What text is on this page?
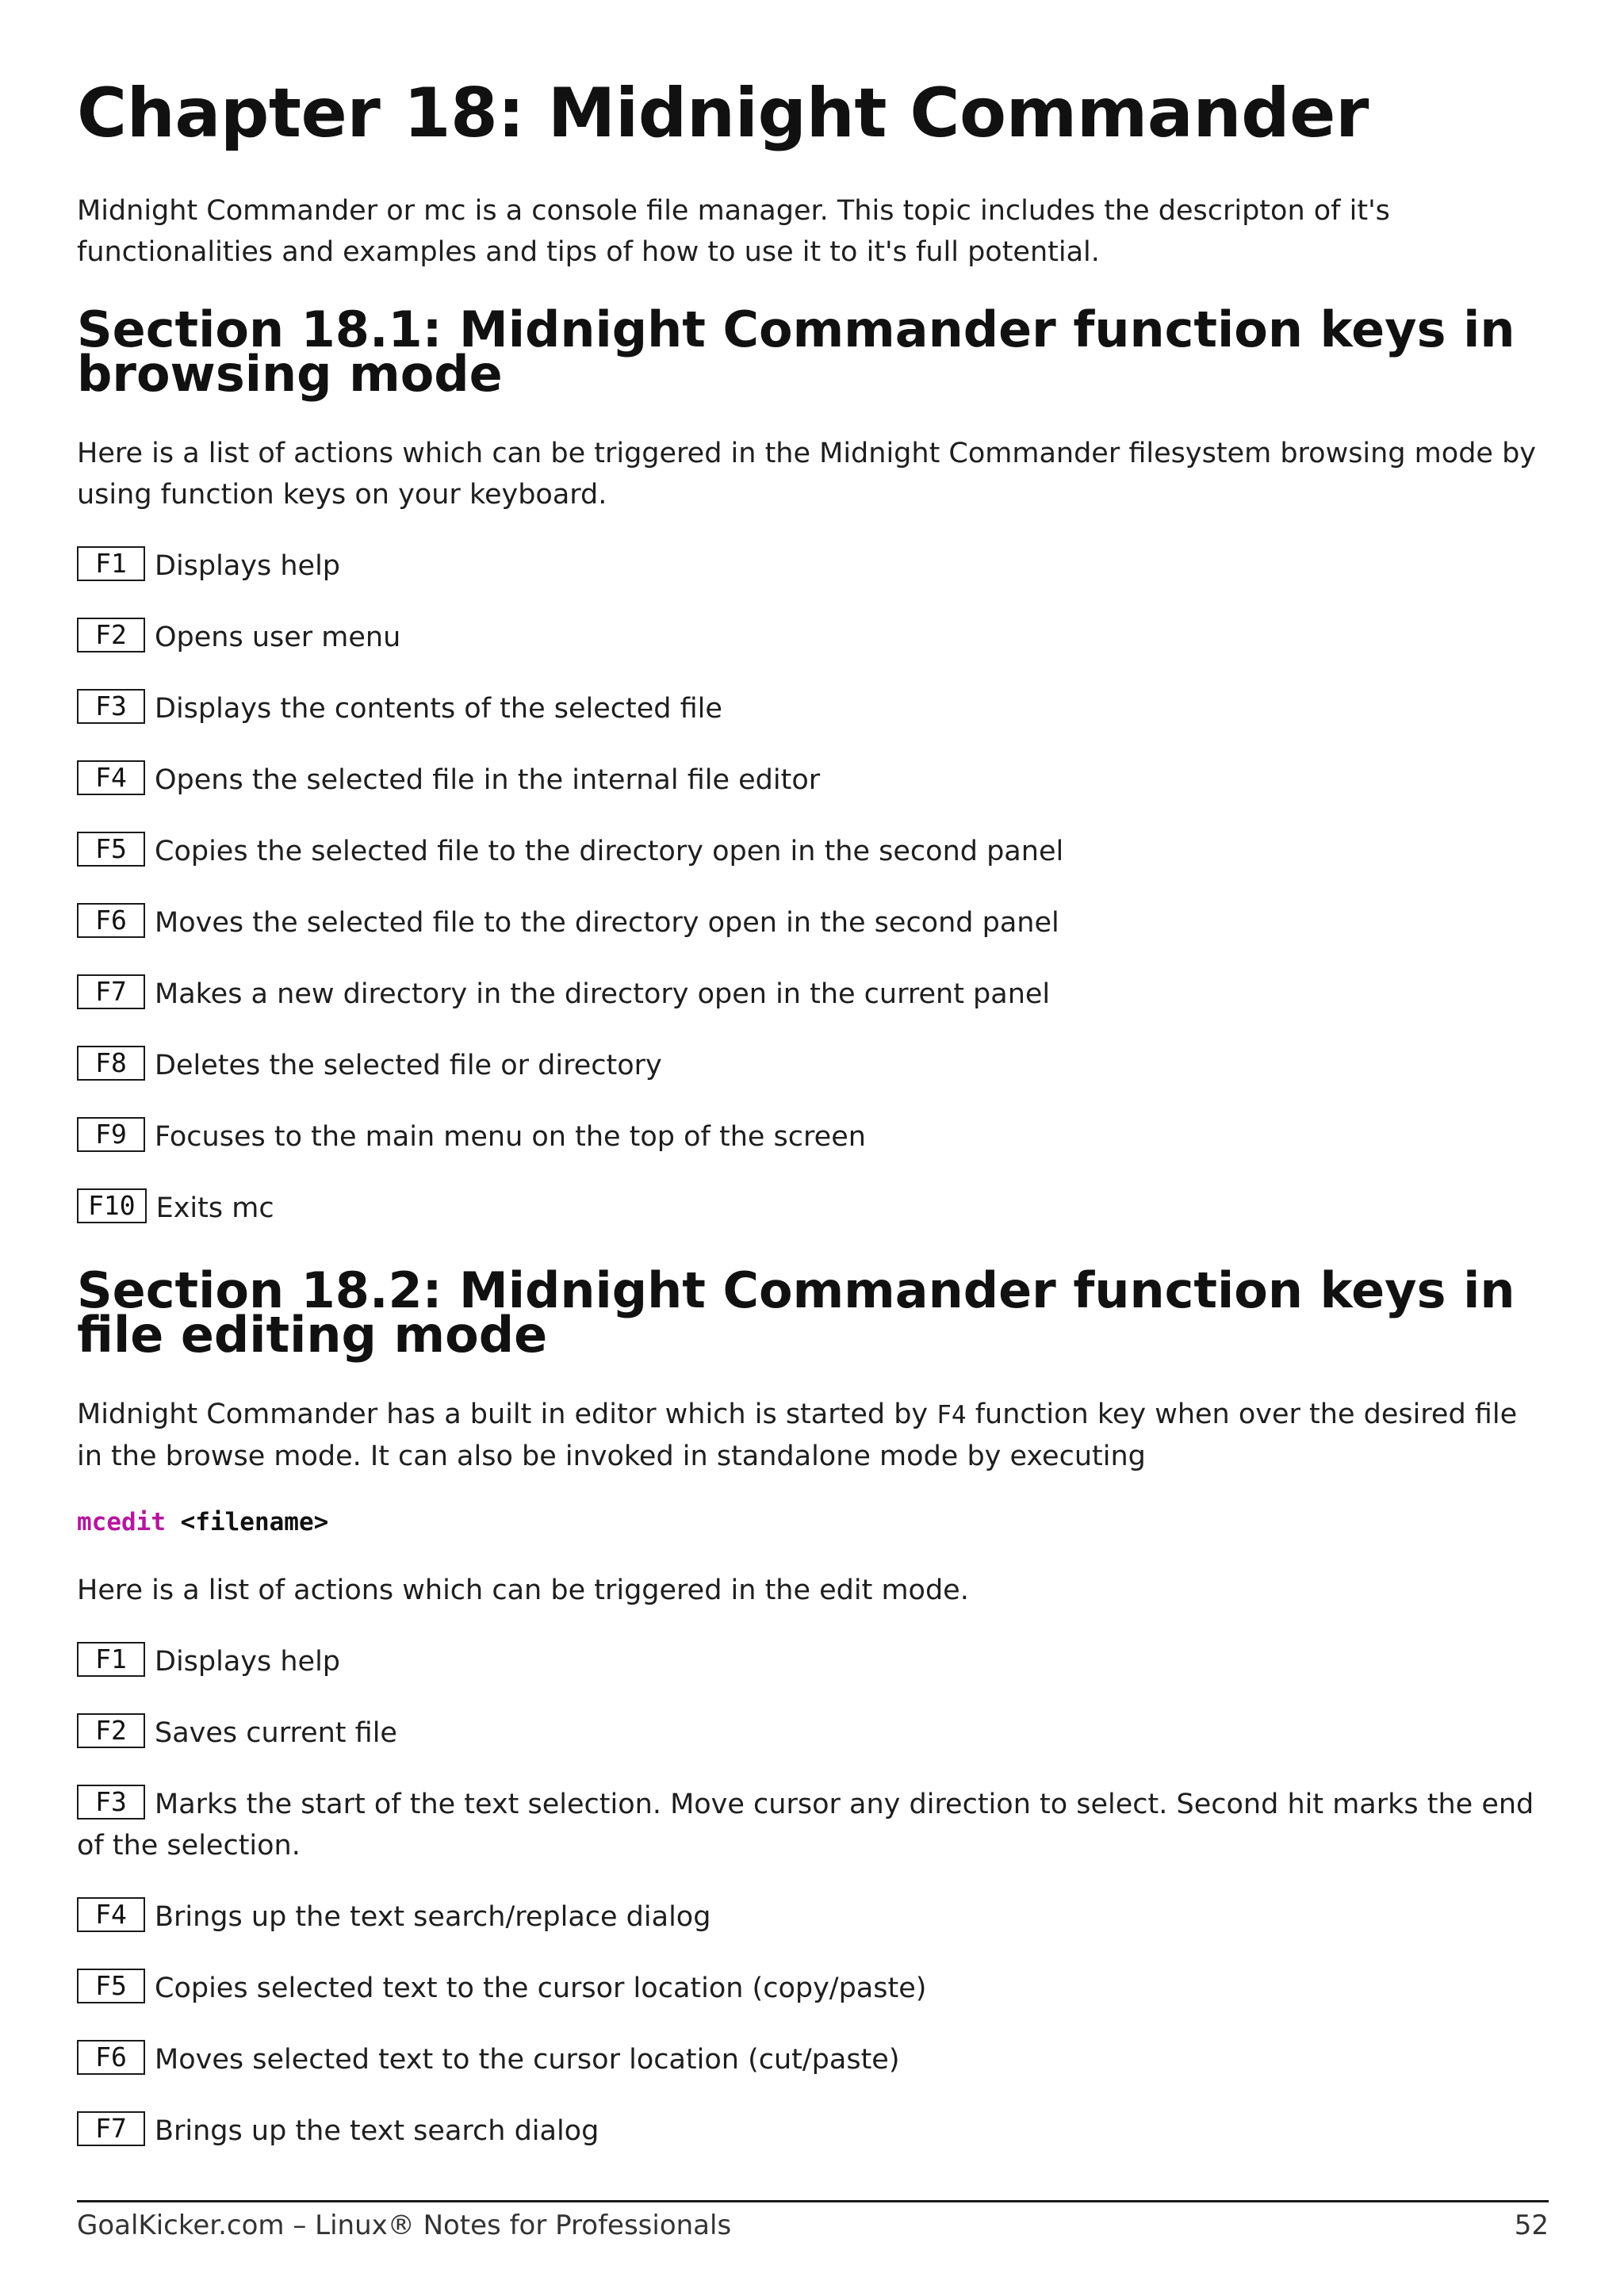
Chapter 18: Midnight Commander

Midnight Commander or mc is a console file manager. This topic includes the descripton of it's functionalities and examples and tips of how to use it to it's full potential.

Section 18.1: Midnight Commander function keys in browsing mode

Here is a list of actions which can be triggered in the Midnight Commander filesystem browsing mode by using function keys on your keyboard.

F1 Displays help
F2 Opens user menu
F3 Displays the contents of the selected file
F4 Opens the selected file in the internal file editor
F5 Copies the selected file to the directory open in the second panel
F6 Moves the selected file to the directory open in the second panel
F7 Makes a new directory in the directory open in the current panel
F8 Deletes the selected file or directory
F9 Focuses to the main menu on the top of the screen
F10 Exits mc
Section 18.2: Midnight Commander function keys in file editing mode

Midnight Commander has a built in editor which is started by F4 function key when over the desired file in the browse mode. It can also be invoked in standalone mode by executing

mcedit <filename>

Here is a list of actions which can be triggered in the edit mode.

F1 Displays help
F2 Saves current file
F3 Marks the start of the text selection. Move cursor any direction to select. Second hit marks the end of the selection.
F4 Brings up the text search/replace dialog
F5 Copies selected text to the cursor location (copy/paste)
F6 Moves selected text to the cursor location (cut/paste)
F7 Brings up the text search dialog
GoalKicker.com – Linux® Notes for Professionals	52
